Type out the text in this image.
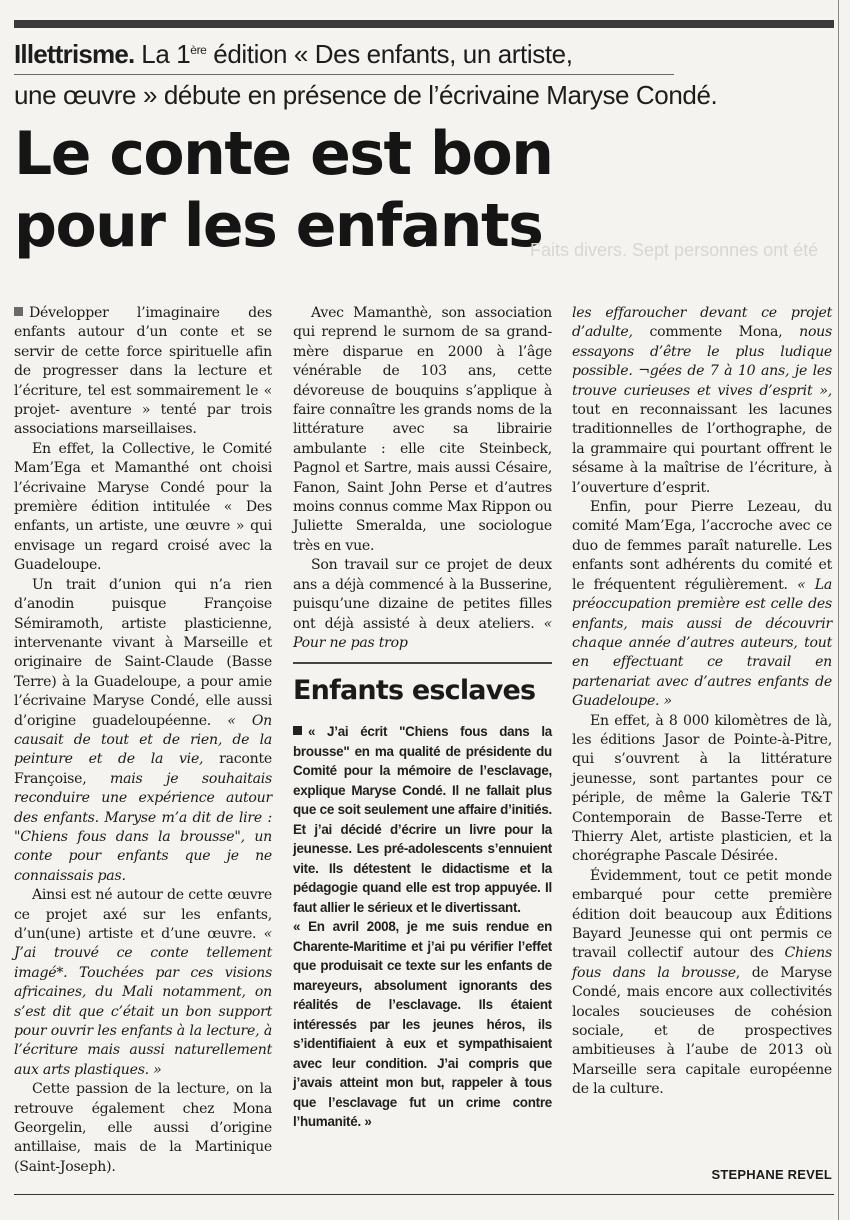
Illettrisme. La 1ère édition « Des enfants, un artiste,
une œuvre » débute en présence de l’écrivaine Maryse Condé.
Le conte est bon
pour les enfants
Faits divers. Sept personnes ont été

Développer l’imaginaire des enfants autour d’un conte et se servir de cette force spirituelle afin de progresser dans la lecture et l’écriture, tel est sommairement le « projet- aventure » tenté par trois associations marseillaises.

En effet, la Collective, le Comité Mam’Ega et Mamanthé ont choisi l’écrivaine Maryse Condé pour la première édition intitulée « Des enfants, un artiste, une œuvre » qui envisage un regard croisé avec la Guadeloupe.

Un trait d’union qui n’a rien d’anodin puisque Françoise Sémiramoth, artiste plasticienne, intervenante vivant à Marseille et originaire de Saint-Claude (Basse Terre) à la Guadeloupe, a pour amie l’écrivaine Maryse Condé, elle aussi d’origine guadeloupéenne. « On causait de tout et de rien, de la peinture et de la vie, raconte Françoise, mais je souhaitais reconduire une expérience autour des enfants. Maryse m’a dit de lire : "Chiens fous dans la brousse", un conte pour enfants que je ne connaissais pas.

Ainsi est né autour de cette œuvre ce projet axé sur les enfants, d’un(une) artiste et d’une œuvre. « J’ai trouvé ce conte tellement imagé*. Touchées par ces visions africaines, du Mali notamment, on s’est dit que c’était un bon support pour ouvrir les enfants à la lecture, à l’écriture mais aussi naturellement aux arts plastiques. »

Cette passion de la lecture, on la retrouve également chez Mona Georgelin, elle aussi d’origine antillaise, mais de la Martinique (Saint-Joseph).

Avec Mamanthè, son association qui reprend le surnom de sa grand-mère disparue en 2000 à l’âge vénérable de 103 ans, cette dévoreuse de bouquins s’applique à faire connaître les grands noms de la littérature avec sa librairie ambulante : elle cite Steinbeck, Pagnol et Sartre, mais aussi Césaire, Fanon, Saint John Perse et d’autres moins connus comme Max Rippon ou Juliette Smeralda, une sociologue très en vue.

Son travail sur ce projet de deux ans a déjà commencé à la Busserine, puisqu’une dizaine de petites filles ont déjà assisté à deux ateliers. « Pour ne pas trop

Enfants esclaves

« J’ai écrit "Chiens fous dans la brousse" en ma qualité de présidente du Comité pour la mémoire de l’esclavage, explique Maryse Condé. Il ne fallait plus que ce soit seulement une affaire d’initiés. Et j’ai décidé d’écrire un livre pour la jeunesse. Les pré-adolescents s’ennuient vite. Ils détestent le didactisme et la pédagogie quand elle est trop appuyée. Il faut allier le sérieux et le divertissant.

« En avril 2008, je me suis rendue en Charente-Maritime et j’ai pu vérifier l’effet que produisait ce texte sur les enfants de mareyeurs, absolument ignorants des réalités de l’esclavage. Ils étaient intéressés par les jeunes héros, ils s’identifiaient à eux et sympathisaient avec leur condition. J’ai compris que j’avais atteint mon but, rappeler à tous que l’esclavage fut un crime contre l’humanité. »

les effaroucher devant ce projet d’adulte, commente Mona, nous essayons d’être le plus ludique possible. ¬gées de 7 à 10 ans, je les trouve curieuses et vives d’esprit », tout en reconnaissant les lacunes traditionnelles de l’orthographe, de la grammaire qui pourtant offrent le sésame à la maîtrise de l’écriture, à l’ouverture d’esprit.

Enfin, pour Pierre Lezeau, du comité Mam’Ega, l’accroche avec ce duo de femmes paraît naturelle. Les enfants sont adhérents du comité et le fréquentent régulièrement. « La préoccupation première est celle des enfants, mais aussi de découvrir chaque année d’autres auteurs, tout en effectuant ce travail en partenariat avec d’autres enfants de Guadeloupe. »

En effet, à 8 000 kilomètres de là, les éditions Jasor de Pointe-à-Pitre, qui s’ouvrent à la littérature jeunesse, sont partantes pour ce périple, de même la Galerie T&T Contemporain de Basse-Terre et Thierry Alet, artiste plasticien, et la chorégraphe Pascale Désirée.

Évidemment, tout ce petit monde embarqué pour cette première édition doit beaucoup aux Éditions Bayard Jeunesse qui ont permis ce travail collectif autour des Chiens fous dans la brousse, de Maryse Condé, mais encore aux collectivités locales soucieuses de cohésion sociale, et de prospectives ambitieuses à l’aube de 2013 où Marseille sera capitale européenne de la culture.

STEPHANE REVEL
